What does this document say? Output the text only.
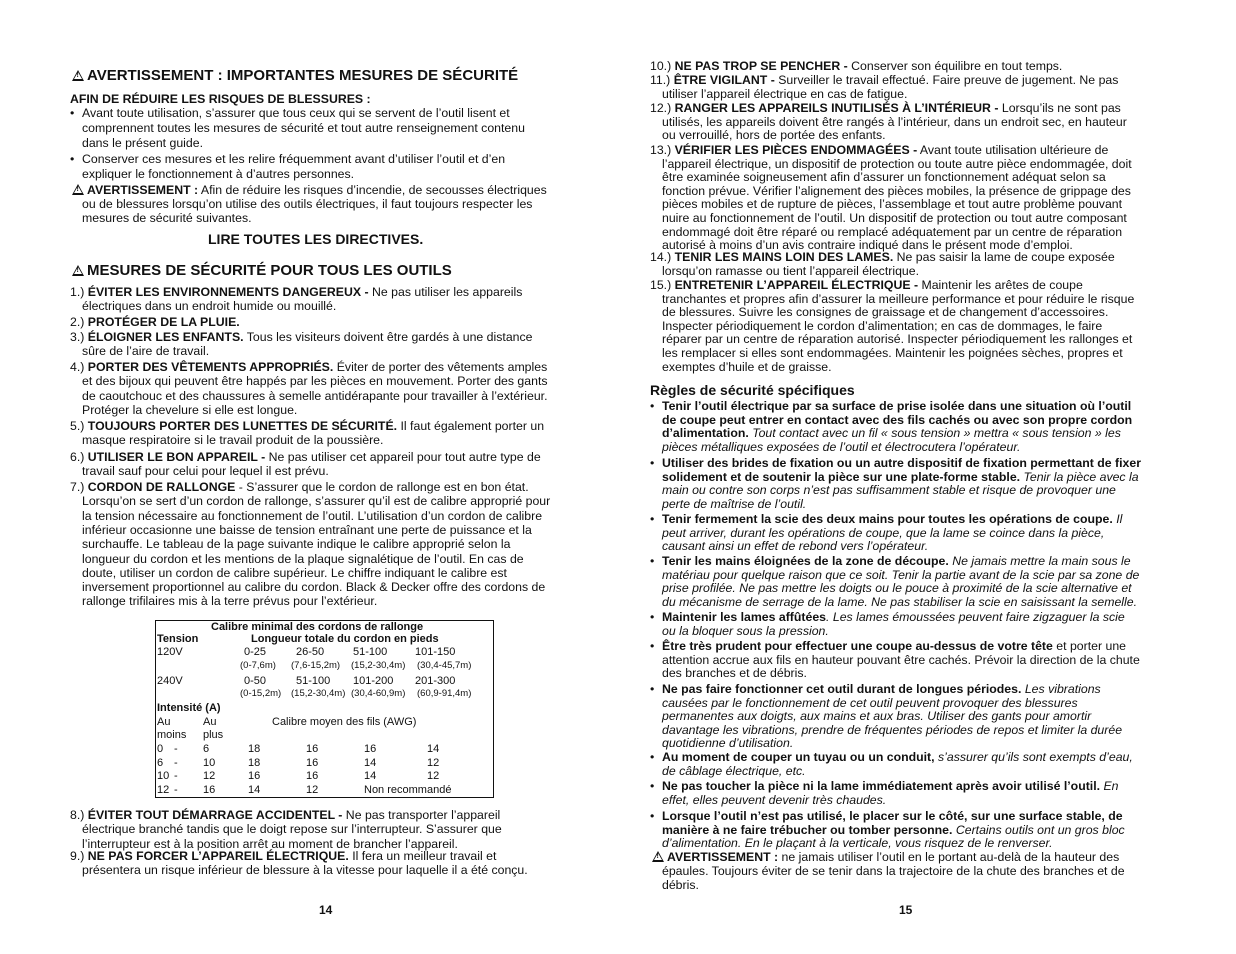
!AVERTISSEMENT : IMPORTANTES MESURES DE SÉCURITÉ
AFIN DE RÉDUIRE LES RISQUES DE BLESSURES :
• Avant toute utilisation, s’assurer que tous ceux qui se servent de l’outil lisent et
comprennent toutes les mesures de sécurité et tout autre renseignement contenu
dans le présent guide.
• Conserver ces mesures et les relire fréquemment avant d’utiliser l’outil et d’en
expliquer le fonctionnement à d’autres personnes.
!AVERTISSEMENT : Afin de réduire les risques d’incendie, de secousses électriques
ou de blessures lorsqu’on utilise des outils électriques, il faut toujours respecter les
mesures de sécurité suivantes.
LIRE TOUTES LES DIRECTIVES.
!MESURES DE SÉCURITÉ POUR TOUS LES OUTILS
1.) ÉVITER LES ENVIRONNEMENTS DANGEREUX - Ne pas utiliser les appareils
électriques dans un endroit humide ou mouillé.
2.) PROTÉGER DE LA PLUIE.
3.) ÉLOIGNER LES ENFANTS. Tous les visiteurs doivent être gardés à une distance
sûre de l’aire de travail.
4.) PORTER DES VÊTEMENTS APPROPRIÉS. Éviter de porter des vêtements amples
et des bijoux qui peuvent être happés par les pièces en mouvement. Porter des gants
de caoutchouc et des chaussures à semelle antidérapante pour travailler à l’extérieur.
Protéger la chevelure si elle est longue.
5.) TOUJOURS PORTER DES LUNETTES DE SÉCURITÉ. Il faut également porter un
masque respiratoire si le travail produit de la poussière.
6.) UTILISER LE BON APPAREIL - Ne pas utiliser cet appareil pour tout autre type de
travail sauf pour celui pour lequel il est prévu.
7.) CORDON DE RALLONGE - S’assurer que le cordon de rallonge est en bon état.
Lorsqu’on se sert d’un cordon de rallonge, s’assurer qu’il est de calibre approprié pour
la tension nécessaire au fonctionnement de l’outil. L’utilisation d’un cordon de calibre
inférieur occasionne une baisse de tension entraînant une perte de puissance et la
surchauffe. Le tableau de la page suivante indique le calibre approprié selon la
longueur du cordon et les mentions de la plaque signalétique de l’outil. En cas de
doute, utiliser un cordon de calibre supérieur. Le chiffre indiquant le calibre est
inversement proportionnel au calibre du cordon. Black & Decker offre des cordons de
rallonge trifilaires mis à la terre prévus pour l’extérieur.
8.) ÉVITER TOUT DÉMARRAGE ACCIDENTEL - Ne pas transporter l’appareil
électrique branché tandis que le doigt repose sur l’interrupteur. S’assurer que
l’interrupteur est à la position arrêt au moment de brancher l’appareil.
9.) NE PAS FORCER L’APPAREIL ÉLECTRIQUE. Il fera un meilleur travail et
présentera un risque inférieur de blessure à la vitesse pour laquelle il a été conçu.
14
Calibre minimal des cordons de rallonge
Tension	Longueur totale du cordon en pieds
120V	0-25	26-50	51-100	101-150
(0-7,6m) (7,6-15,2m) (15,2-30,4m) (30,4-45,7m)
240V	0-50	51-100 101-200 201-300
(0-15,2m) (15,2-30,4m) (30,4-60,9m) (60,9-91,4m)
Intensité (A)
Au	Au	Calibre moyen des fils (AWG)
moins plus
0 - 6	18	16	16	14
6 - 10	18	16	14	12
10 - 12	16	16	14	12
12 - 16	14	12	Non recommandé
10.) NE PAS TROP SE PENCHER - Conserver son équilibre en tout temps.
11.) ÊTRE VIGILANT - Surveiller le travail effectué. Faire preuve de jugement. Ne pas
utiliser l’appareil électrique en cas de fatigue.
12.) RANGER LES APPAREILS INUTILISÉS À L’INTÉRIEUR - Lorsqu’ils ne sont pas
utilisés, les appareils doivent être rangés à l’intérieur, dans un endroit sec, en hauteur
ou verrouillé, hors de portée des enfants.
13.) VÉRIFIER LES PIÈCES ENDOMMAGÉES - Avant toute utilisation ultérieure de
l’appareil électrique, un dispositif de protection ou toute autre pièce endommagée, doit
être examinée soigneusement afin d’assurer un fonctionnement adéquat selon sa
fonction prévue. Vérifier l’alignement des pièces mobiles, la présence de grippage des
pièces mobiles et de rupture de pièces, l’assemblage et tout autre problème pouvant
nuire au fonctionnement de l’outil. Un dispositif de protection ou tout autre composant
endommagé doit être réparé ou remplacé adéquatement par un centre de réparation
autorisé à moins d’un avis contraire indiqué dans le présent mode d’emploi.
14.) TENIR LES MAINS LOIN DES LAMES. Ne pas saisir la lame de coupe exposée
lorsqu’on ramasse ou tient l’appareil électrique.
15.) ENTRETENIR L’APPAREIL ÉLECTRIQUE - Maintenir les arêtes de coupe
tranchantes et propres afin d’assurer la meilleure performance et pour réduire le risque
de blessures. Suivre les consignes de graissage et de changement d’accessoires.
Inspecter périodiquement le cordon d’alimentation; en cas de dommages, le faire
réparer par un centre de réparation autorisé. Inspecter périodiquement les rallonges et
les remplacer si elles sont endommagées. Maintenir les poignées sèches, propres et
exemptes d’huile et de graisse.
Règles de sécurité spécifiques
• Tenir l’outil électrique par sa surface de prise isolée dans une situation où l’outil
de coupe peut entrer en contact avec des fils cachés ou avec son propre cordon
d’alimentation. Tout contact avec un fil « sous tension » mettra « sous tension » les
pièces métalliques exposées de l’outil et électrocutera l’opérateur.
• Utiliser des brides de fixation ou un autre dispositif de fixation permettant de fixer
solidement et de soutenir la pièce sur une plate-forme stable. Tenir la pièce avec la
main ou contre son corps n’est pas suffisamment stable et risque de provoquer une
perte de maîtrise de l’outil.
• Tenir fermement la scie des deux mains pour toutes les opérations de coupe. Il
peut arriver, durant les opérations de coupe, que la lame se coince dans la pièce,
causant ainsi un effet de rebond vers l’opérateur.
• Tenir les mains éloignées de la zone de découpe. Ne jamais mettre la main sous le
matériau pour quelque raison que ce soit. Tenir la partie avant de la scie par sa zone de
prise profilée. Ne pas mettre les doigts ou le pouce à proximité de la scie alternative et
du mécanisme de serrage de la lame. Ne pas stabiliser la scie en saisissant la semelle.
• Maintenir les lames affûtées. Les lames émoussées peuvent faire zigzaguer la scie
ou la bloquer sous la pression.
• Être très prudent pour effectuer une coupe au-dessus de votre tête et porter une
attention accrue aux fils en hauteur pouvant être cachés. Prévoir la direction de la chute
des branches et de débris.
• Ne pas faire fonctionner cet outil durant de longues périodes. Les vibrations
causées par le fonctionnement de cet outil peuvent provoquer des blessures
permanentes aux doigts, aux mains et aux bras. Utiliser des gants pour amortir
davantage les vibrations, prendre de fréquentes périodes de repos et limiter la durée
quotidienne d’utilisation.
• Au moment de couper un tuyau ou un conduit, s’assurer qu’ils sont exempts d’eau,
de câblage électrique, etc.
• Ne pas toucher la pièce ni la lame immédiatement après avoir utilisé l’outil. En
effet, elles peuvent devenir très chaudes.
• Lorsque l’outil n’est pas utilisé, le placer sur le côté, sur une surface stable, de
manière à ne faire trébucher ou tomber personne. Certains outils ont un gros bloc
d’alimentation. En le plaçant à la verticale, vous risquez de le renverser.
!AVERTISSEMENT : ne jamais utiliser l’outil en le portant au-delà de la hauteur des
épaules. Toujours éviter de se tenir dans la trajectoire de la chute des branches et de
débris.
15
